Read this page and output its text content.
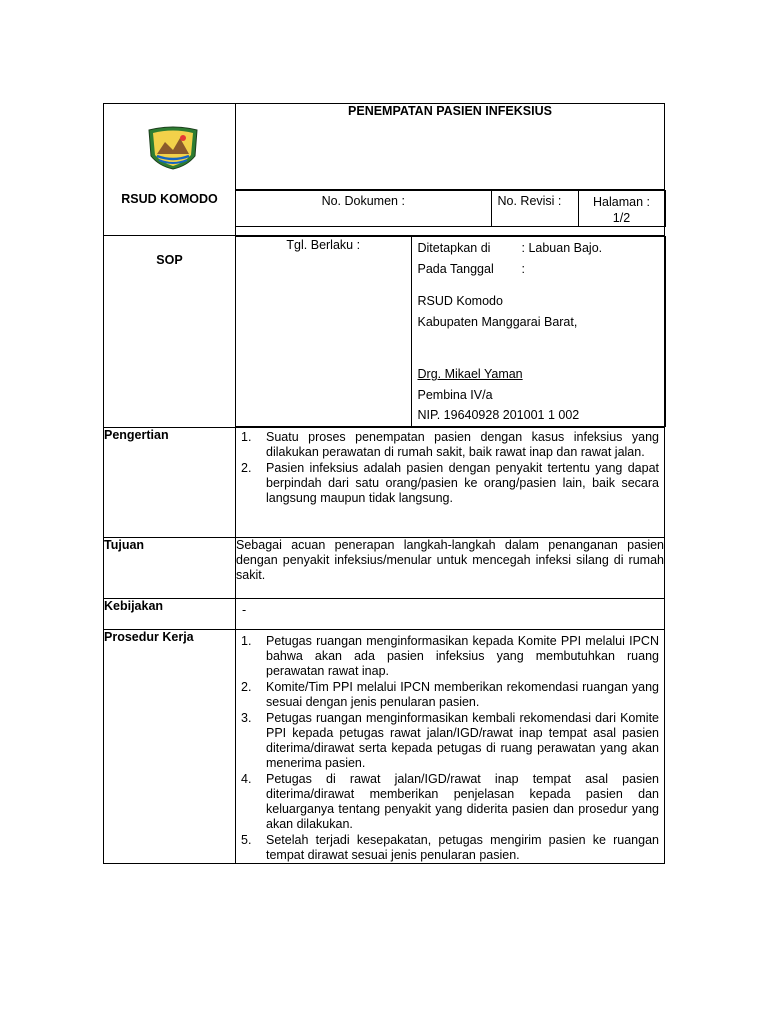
RSUD KOMODO
	PENEMPATAN PASIEN INFEKSIUS

No. Dokumen :	No. Revisi :	Halaman :
1/2

SOP	
Tgl. Berlaku :	Ditetapkan di : Labuan Bajo.
Pada Tanggal :
RSUD Komodo
Kabupaten Manggarai Barat,
Drg. Mikael Yaman
Pembina IV/a
NIP. 19640928 201001 1 002

Pengertian	1. Suatu proses penempatan pasien dengan kasus infeksius yang dilakukan perawatan di rumah sakit, baik rawat inap dan rawat jalan.
2. Pasien infeksius adalah pasien dengan penyakit tertentu yang dapat berpindah dari satu orang/pasien ke orang/pasien lain, baik secara langsung maupun tidak langsung.

Tujuan	Sebagai acuan penerapan langkah-langkah dalam penanganan pasien dengan penyakit infeksius/menular untuk mencegah infeksi silang di rumah sakit.
Kebijakan	-
Prosedur Kerja	1. Petugas ruangan menginformasikan kepada Komite PPI melalui IPCN bahwa akan ada pasien infeksius yang membutuhkan ruang perawatan rawat inap.
2. Komite/Tim PPI melalui IPCN memberikan rekomendasi ruangan yang sesuai dengan jenis penularan pasien.
3. Petugas ruangan menginformasikan kembali rekomendasi dari Komite PPI kepada petugas rawat jalan/IGD/rawat inap tempat asal pasien diterima/dirawat serta kepada petugas di ruang perawatan yang akan menerima pasien.
4. Petugas di rawat jalan/IGD/rawat inap tempat asal pasien diterima/dirawat memberikan penjelasan kepada pasien dan keluarganya tentang penyakit yang diderita pasien dan prosedur yang akan dilakukan.
5. Setelah terjadi kesepakatan, petugas mengirim pasien ke ruangan tempat dirawat sesuai jenis penularan pasien.
